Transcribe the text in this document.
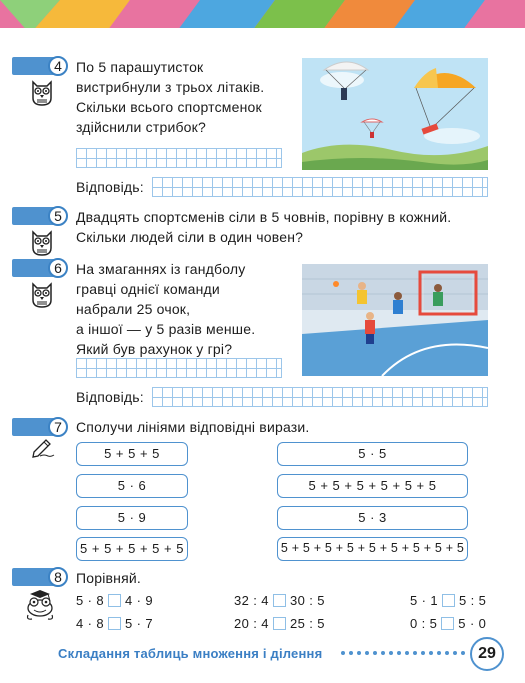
4	По 5 парашутисток
вистрибнули з трьох літаків.
Скільки всього спортсменок
здійснили стрибок?
Відповідь:
5	Двадцять спортсменів сіли в 5 човнів, порівну в кожний.
Скільки людей сіли в один човен?
6	На змаганнях із гандболу
гравці однієї команди
набрали 25 очок,
а іншої — у 5 разів менше.
Який був рахунок у грі?
Відповідь:
7	Сполучи лініями відповідні вирази.
5 + 5 + 5
5 · 6
5 · 9
5 + 5 + 5 + 5 + 5
5 · 5
5 + 5 + 5 + 5 + 5 + 5
5 · 3
5 + 5 + 5 + 5 + 5 + 5 + 5 + 5 + 5
8	Порівняй.
5 · 8 4 · 9	32 : 4 30 : 5	5 · 1 5 : 5
4 · 8 5 · 7	20 : 4 25 : 5	0 : 5 5 · 0
Складання таблиць множення і ділення	29
